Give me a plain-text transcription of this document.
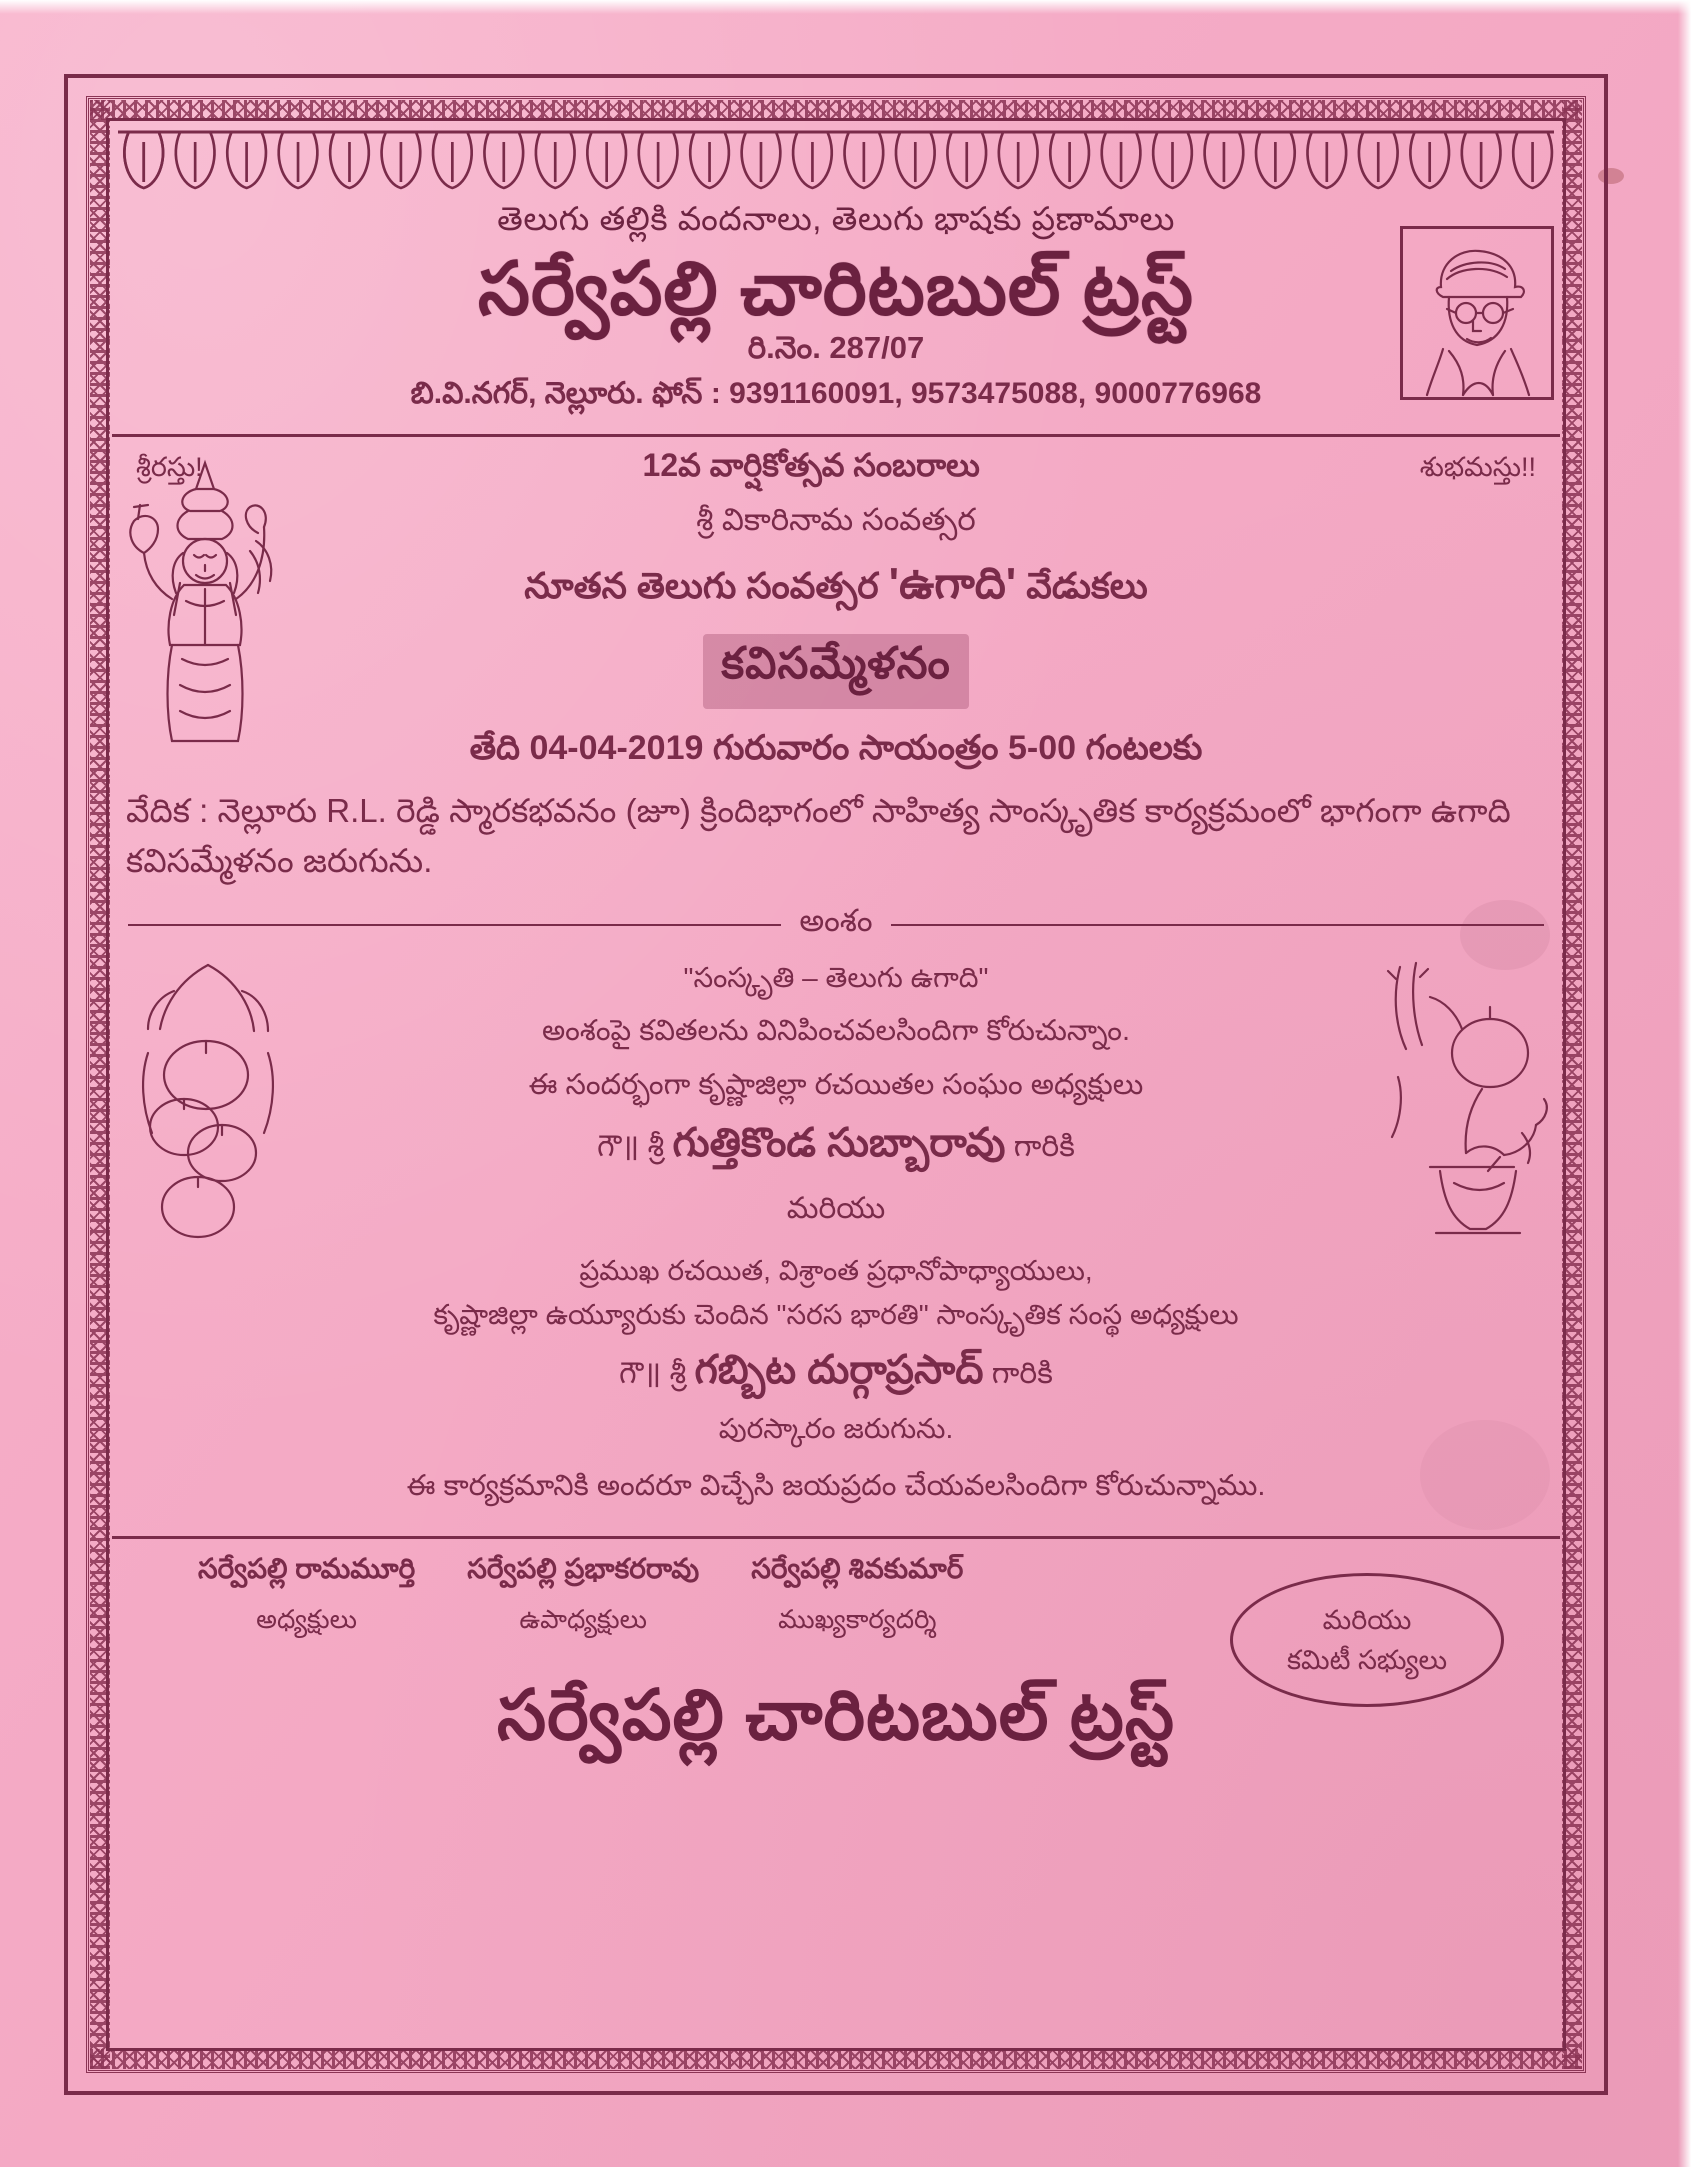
తెలుగు తల్లికి వందనాలు, తెలుగు భాషకు ప్రణామాలు
సర్వేపల్లి చారిటబుల్ ట్రస్ట్
రి.నెం. 287/07
బి.వి.నగర్, నెల్లూరు. ఫోన్ : 9391160091, 9573475088, 9000776968
శ్రీరస్తు!	12వ వార్షికోత్సవ సంబరాలు	శుభమస్తు!!
శ్రీ వికారినామ సంవత్సర
నూతన తెలుగు సంవత్సర 'ఉగాది' వేడుకలు
కవిసమ్మేళనం
తేది 04-04-2019 గురువారం సాయంత్రం 5-00 గంటలకు
వేదిక : నెల్లూరు R.L. రెడ్డి స్మారకభవనం (జూ) క్రిందిభాగంలో సాహిత్య సాంస్కృతిక కార్యక్రమంలో భాగంగా ఉగాది కవిసమ్మేళనం జరుగును.
అంశం
"సంస్కృతి – తెలుగు ఉగాది"
అంశంపై కవితలను వినిపించవలసిందిగా కోరుచున్నాం.
ఈ సందర్భంగా కృష్ణాజిల్లా రచయితల సంఘం అధ్యక్షులు
గౌ॥ శ్రీ గుత్తికొండ సుబ్బారావు గారికి
మరియు
ప్రముఖ రచయిత, విశ్రాంత ప్రధానోపాధ్యాయులు,
కృష్ణాజిల్లా ఉయ్యూరుకు చెందిన "సరస భారతి" సాంస్కృతిక సంస్థ అధ్యక్షులు
గౌ॥ శ్రీ గబ్బిట దుర్గాప్రసాద్ గారికి
పురస్కారం జరుగును.
ఈ కార్యక్రమానికి అందరూ విచ్చేసి జయప్రదం చేయవలసిందిగా కోరుచున్నాము.
సర్వేపల్లి రామమూర్తి
అధ్యక్షులు
సర్వేపల్లి ప్రభాకరరావు
ఉపాధ్యక్షులు
సర్వేపల్లి శివకుమార్
ముఖ్యకార్యదర్శి	మరియు
కమిటీ సభ్యులు
సర్వేపల్లి చారిటబుల్ ట్రస్ట్
